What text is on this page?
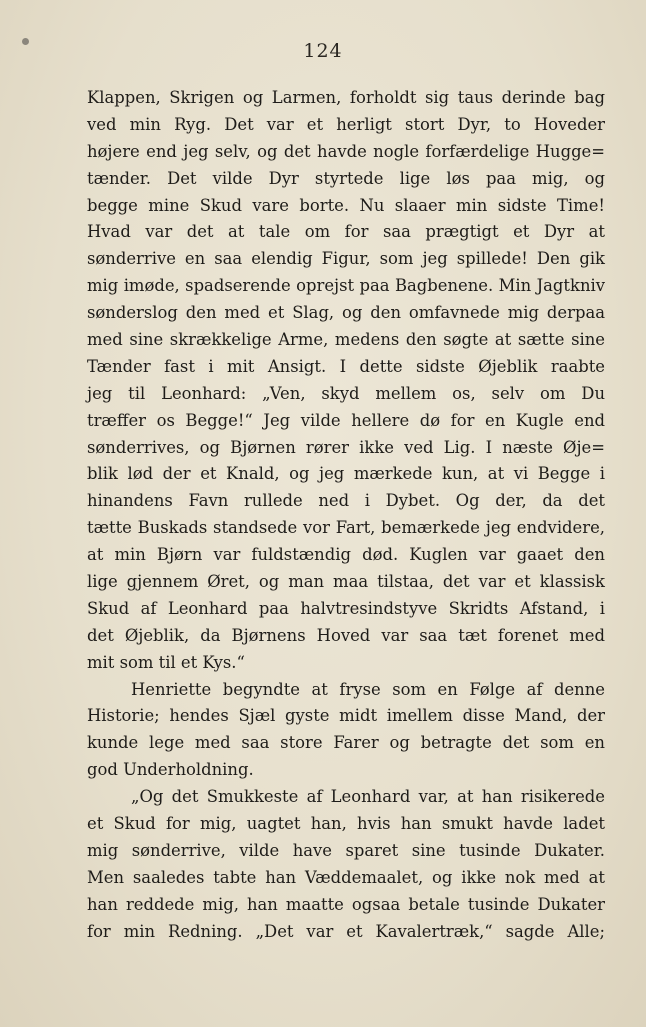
124
Klappen, Skrigen og Larmen, forholdt sig taus derinde bag
ved min Ryg. Det var et herligt stort Dyr, to Hoveder
højere end jeg selv, og det havde nogle forfærdelige Hugge=
tænder. Det vilde Dyr styrtede lige løs paa mig, og
begge mine Skud vare borte. Nu slaaer min sidste Time!
Hvad var det at tale om for saa prægtigt et Dyr at
sønderrive en saa elendig Figur, som jeg spillede! Den gik
mig imøde, spadserende oprejst paa Bagbenene. Min Jagtkniv
sønderslog den med et Slag, og den omfavnede mig derpaa
med sine skrækkelige Arme, medens den søgte at sætte sine
Tænder fast i mit Ansigt. I dette sidste Øjeblik raabte
jeg til Leonhard: „Ven, skyd mellem os, selv om Du
træffer os Begge!“ Jeg vilde hellere dø for en Kugle end
sønderrives, og Bjørnen rører ikke ved Lig. I næste Øje=
blik lød der et Knald, og jeg mærkede kun, at vi Begge i
hinandens Favn rullede ned i Dybet. Og der, da det
tætte Buskads standsede vor Fart, bemærkede jeg endvidere,
at min Bjørn var fuldstændig død. Kuglen var gaaet den
lige gjennem Øret, og man maa tilstaa, det var et klassisk
Skud af Leonhard paa halvtresindstyve Skridts Afstand, i
det Øjeblik, da Bjørnens Hoved var saa tæt forenet med
mit som til et Kys.“
Henriette begyndte at fryse som en Følge af denne
Historie; hendes Sjæl gyste midt imellem disse Mand, der
kunde lege med saa store Farer og betragte det som en
god Underholdning.
„Og det Smukkeste af Leonhard var, at han risikerede
et Skud for mig, uagtet han, hvis han smukt havde ladet
mig sønderrive, vilde have sparet sine tusinde Dukater.
Men saaledes tabte han Væddemaalet, og ikke nok med at
han reddede mig, han maatte ogsaa betale tusinde Dukater
for min Redning. „Det var et Kavalertræk,“ sagde Alle;
